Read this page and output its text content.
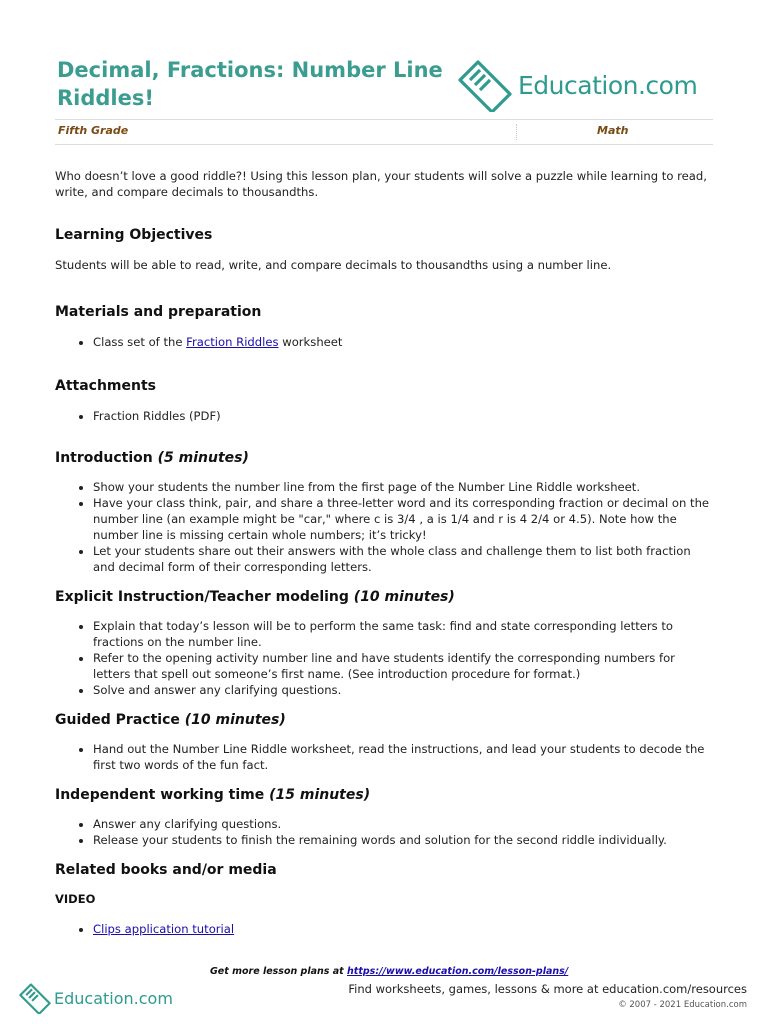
Decimal, Fractions: Number Line Riddles!	Education.com
Fifth Grade	Math

Who doesn’t love a good riddle?! Using this lesson plan, your students will solve a puzzle while learning to read, write, and compare decimals to thousandths.

Learning Objectives

Students will be able to read, write, and compare decimals to thousandths using a number line.

Materials and preparation
• Class set of the Fraction Riddles worksheet
Attachments
• Fraction Riddles (PDF)
Introduction (5 minutes)
• Show your students the number line from the first page of the Number Line Riddle worksheet.
• Have your class think, pair, and share a three-letter word and its corresponding fraction or decimal on the number line (an example might be "car," where c is 3/4 , a is 1/4 and r is 4 2/4 or 4.5). Note how the number line is missing certain whole numbers; it’s tricky!
• Let your students share out their answers with the whole class and challenge them to list both fraction and decimal form of their corresponding letters.
Explicit Instruction/Teacher modeling (10 minutes)
• Explain that today’s lesson will be to perform the same task: find and state corresponding letters to fractions on the number line.
• Refer to the opening activity number line and have students identify the corresponding numbers for letters that spell out someone’s first name. (See introduction procedure for format.)
• Solve and answer any clarifying questions.
Guided Practice (10 minutes)
• Hand out the Number Line Riddle worksheet, read the instructions, and lead your students to decode the first two words of the fun fact.
Independent working time (15 minutes)
• Answer any clarifying questions.
• Release your students to finish the remaining words and solution for the second riddle individually.
Related books and/or media
VIDEO
• Clips application tutorial
Get more lesson plans at https://www.education.com/lesson-plans/
Education.com	Find worksheets, games, lessons & more at education.com/resources
© 2007 - 2021 Education.com
